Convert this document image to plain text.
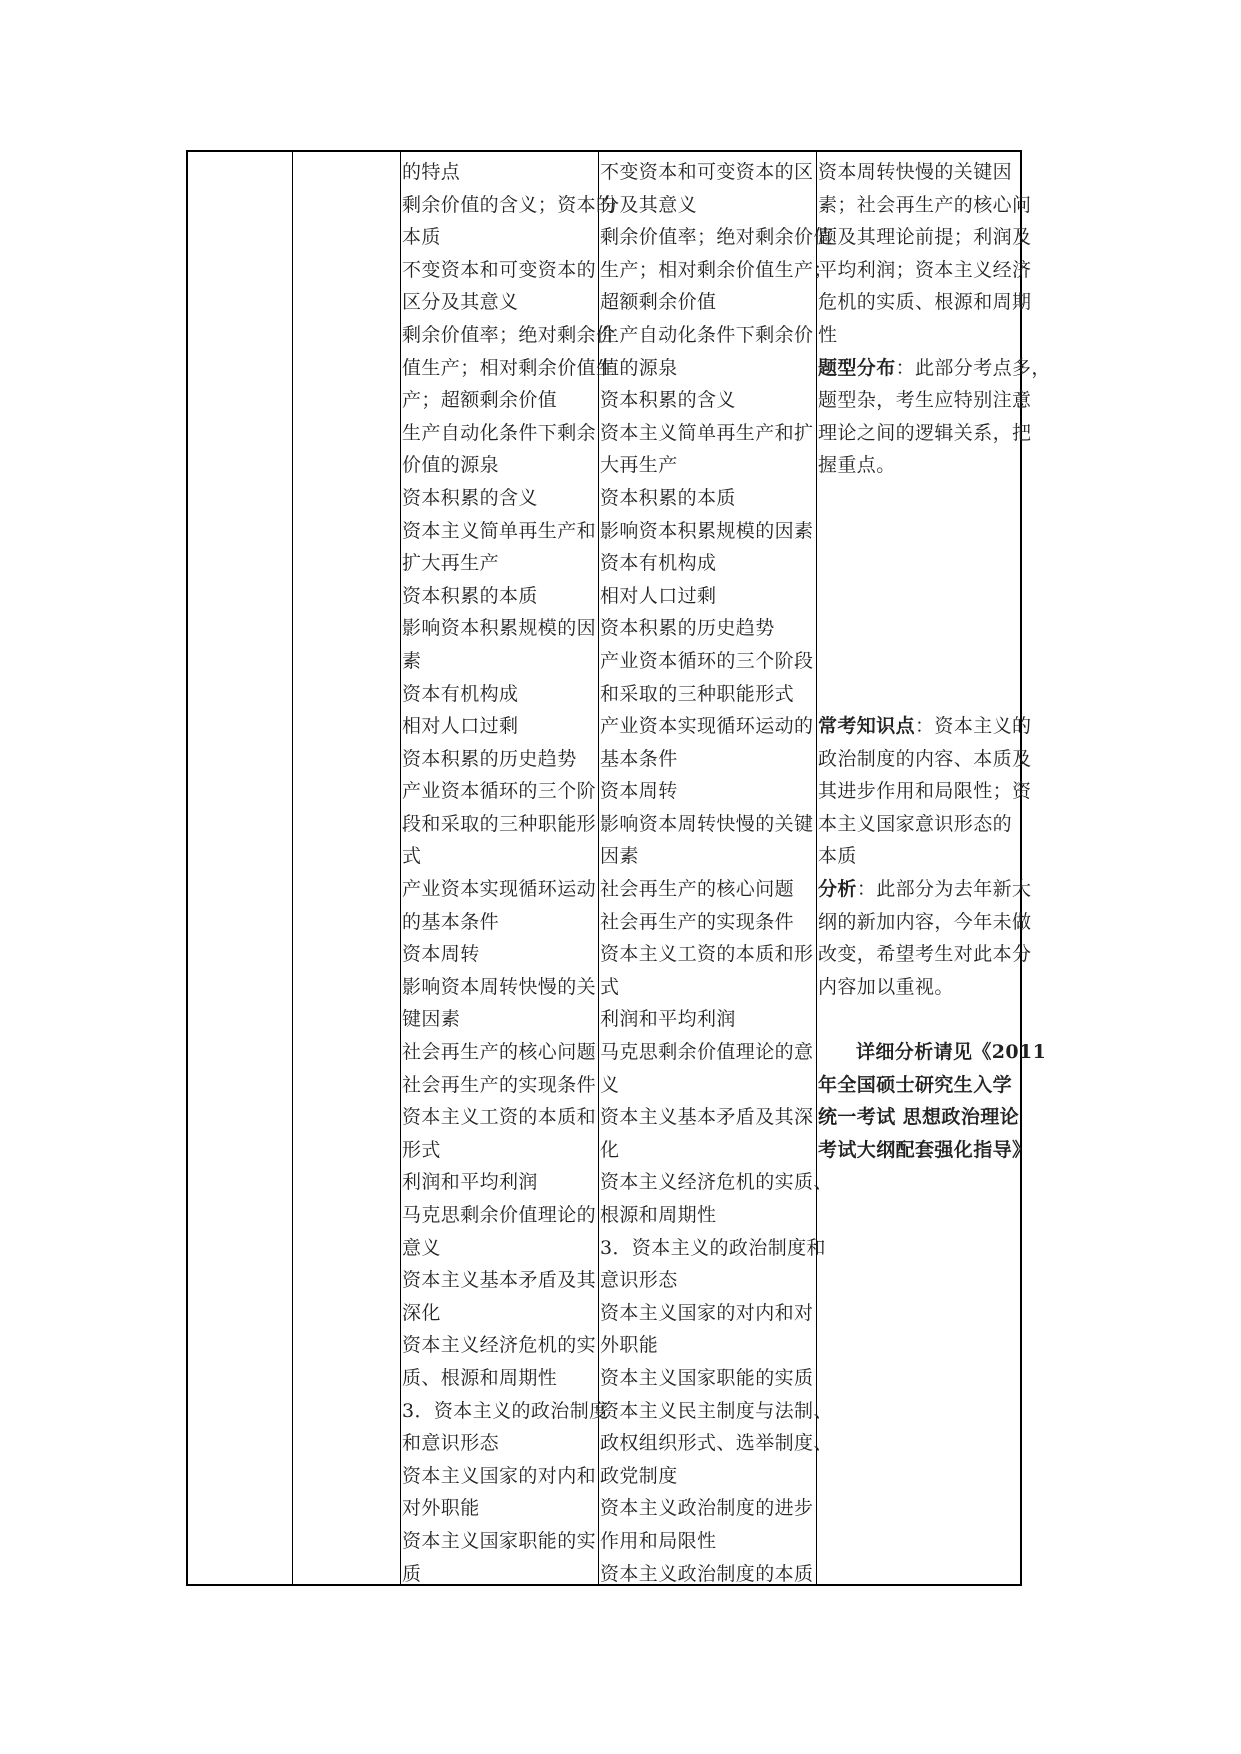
的特点
剩余价值的含义；资本的
本质
不变资本和可变资本的
区分及其意义
剩余价值率；绝对剩余价
值生产；相对剩余价值生
产；超额剩余价值
生产自动化条件下剩余
价值的源泉
资本积累的含义
资本主义简单再生产和
扩大再生产
资本积累的本质
影响资本积累规模的因
素
资本有机构成
相对人口过剩
资本积累的历史趋势
产业资本循环的三个阶
段和采取的三种职能形
式
产业资本实现循环运动
的基本条件
资本周转
影响资本周转快慢的关
键因素
社会再生产的核心问题
社会再生产的实现条件
资本主义工资的本质和
形式
利润和平均利润
马克思剩余价值理论的
意义
资本主义基本矛盾及其
深化
资本主义经济危机的实
质、根源和周期性
3．资本主义的政治制度
和意识形态
资本主义国家的对内和
对外职能
资本主义国家职能的实
质
不变资本和可变资本的区
分及其意义
剩余价值率；绝对剩余价值
生产；相对剩余价值生产；
超额剩余价值
生产自动化条件下剩余价
值的源泉
资本积累的含义
资本主义简单再生产和扩
大再生产
资本积累的本质
影响资本积累规模的因素
资本有机构成
相对人口过剩
资本积累的历史趋势
产业资本循环的三个阶段
和采取的三种职能形式
产业资本实现循环运动的
基本条件
资本周转
影响资本周转快慢的关键
因素
社会再生产的核心问题
社会再生产的实现条件
资本主义工资的本质和形
式
利润和平均利润
马克思剩余价值理论的意
义
资本主义基本矛盾及其深
化
资本主义经济危机的实质、
根源和周期性
3．资本主义的政治制度和
意识形态
资本主义国家的对内和对
外职能
资本主义国家职能的实质
资本主义民主制度与法制、
政权组织形式、选举制度、
政党制度
资本主义政治制度的进步
作用和局限性
资本主义政治制度的本质
资本周转快慢的关键因
素；社会再生产的核心问
题及其理论前提；利润及
平均利润；资本主义经济
危机的实质、根源和周期
性
题型分布：此部分考点多，
题型杂，考生应特别注意
理论之间的逻辑关系，把
握重点。
常考知识点：资本主义的
政治制度的内容、本质及
其进步作用和局限性；资
本主义国家意识形态的
本质
分析：此部分为去年新大
纲的新加内容，今年未做
改变，希望考生对此本分
内容加以重视。
详细分析请见《2011
年全国硕士研究生入学
统一考试 思想政治理论
考试大纲配套强化指导》
